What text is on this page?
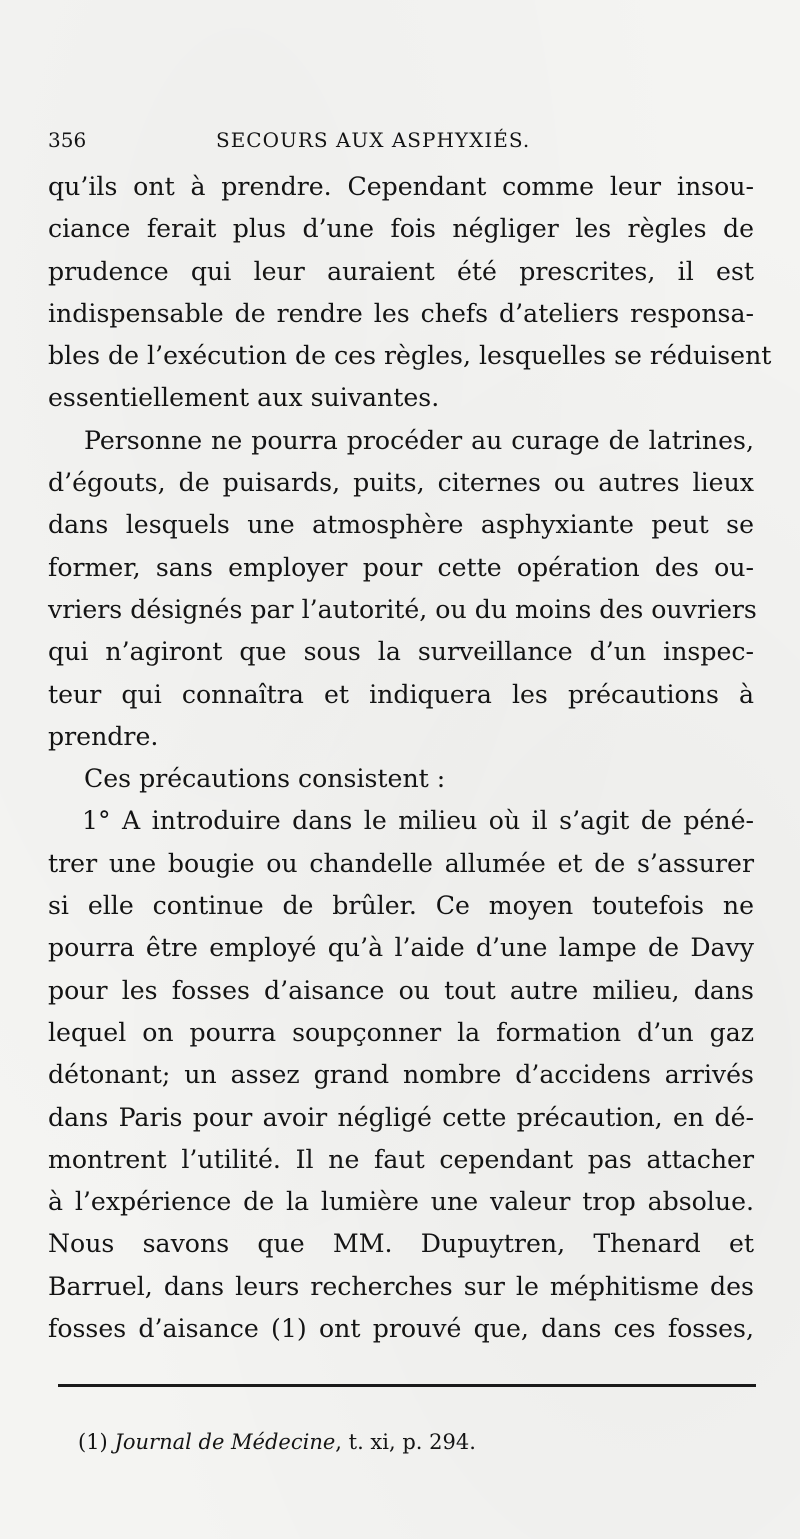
356	SECOURS AUX ASPHYXIÉS.
qu’ils ont à prendre. Cependant comme leur insou-
ciance ferait plus d’une fois négliger les règles de
prudence qui leur auraient été prescrites, il est
indispensable de rendre les chefs d’ateliers responsa-
bles de l’exécution de ces règles, lesquelles se réduisent
essentiellement aux suivantes.
Personne ne pourra procéder au curage de latrines,
d’égouts, de puisards, puits, citernes ou autres lieux
dans lesquels une atmosphère asphyxiante peut se
former, sans employer pour cette opération des ou-
vriers désignés par l’autorité, ou du moins des ouvriers
qui n’agiront que sous la surveillance d’un inspec-
teur qui connaîtra et indiquera les précautions à
prendre.
Ces précautions consistent :
1° A introduire dans le milieu où il s’agit de péné-
trer une bougie ou chandelle allumée et de s’assurer
si elle continue de brûler. Ce moyen toutefois ne
pourra être employé qu’à l’aide d’une lampe de Davy
pour les fosses d’aisance ou tout autre milieu, dans
lequel on pourra soupçonner la formation d’un gaz
détonant; un assez grand nombre d’accidens arrivés
dans Paris pour avoir négligé cette précaution, en dé-
montrent l’utilité. Il ne faut cependant pas attacher
à l’expérience de la lumière une valeur trop absolue.
Nous savons que MM. Dupuytren, Thenard et
Barruel, dans leurs recherches sur le méphitisme des
fosses d’aisance (1) ont prouvé que, dans ces fosses,
(1) Journal de Médecine, t. xi, p. 294.
